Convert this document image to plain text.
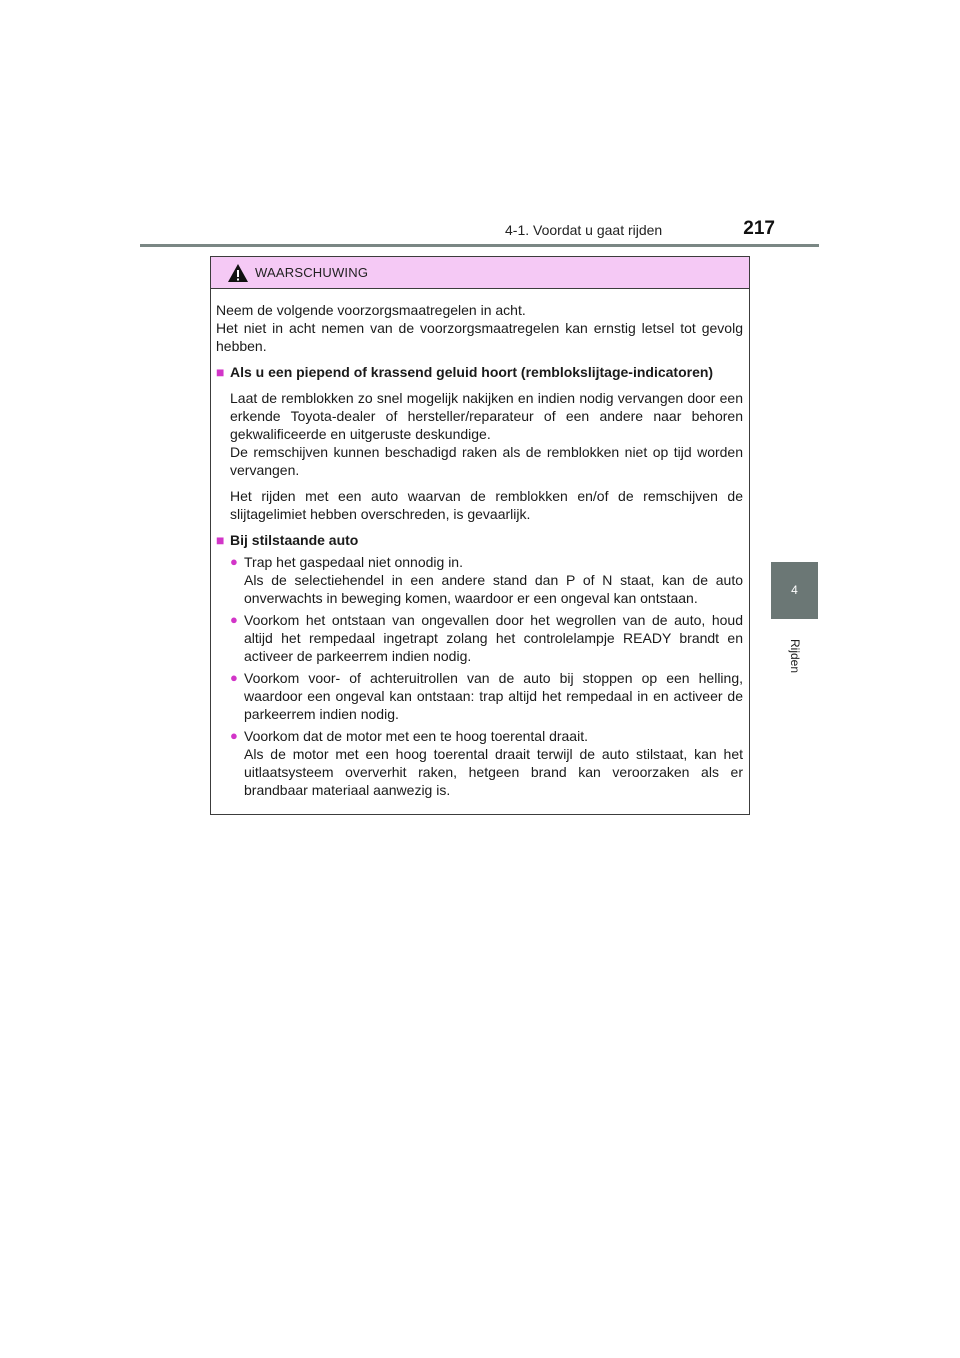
4-1. Voordat u gaat rijden	217
4
Rijden
WAARSCHUWING

Neem de volgende voorzorgsmaatregelen in acht.

Het niet in acht nemen van de voorzorgsmaatregelen kan ernstig letsel tot gevolg hebben.

■ Als u een piepend of krassend geluid hoort (remblokslijtage-indicatoren)

Laat de remblokken zo snel mogelijk nakijken en indien nodig vervangen door een erkende Toyota-dealer of hersteller/reparateur of een andere naar behoren gekwalificeerde en uitgeruste deskundige.

De remschijven kunnen beschadigd raken als de remblokken niet op tijd worden vervangen.

Het rijden met een auto waarvan de remblokken en/of de remschijven de slijtagelimiet hebben overschreden, is gevaarlijk.

■ Bij stilstaande auto
● Trap het gaspedaal niet onnodig in.
Als de selectiehendel in een andere stand dan P of N staat, kan de auto onverwachts in beweging komen, waardoor er een ongeval kan ontstaan.
● Voorkom het ontstaan van ongevallen door het wegrollen van de auto, houd altijd het rempedaal ingetrapt zolang het controlelampje READY brandt en activeer de parkeerrem indien nodig.
● Voorkom voor- of achteruitrollen van de auto bij stoppen op een helling, waardoor een ongeval kan ontstaan: trap altijd het rempedaal in en activeer de parkeerrem indien nodig.
● Voorkom dat de motor met een te hoog toerental draait.
Als de motor met een hoog toerental draait terwijl de auto stilstaat, kan het uitlaatsysteem oververhit raken, hetgeen brand kan veroorzaken als er brandbaar materiaal aanwezig is.
